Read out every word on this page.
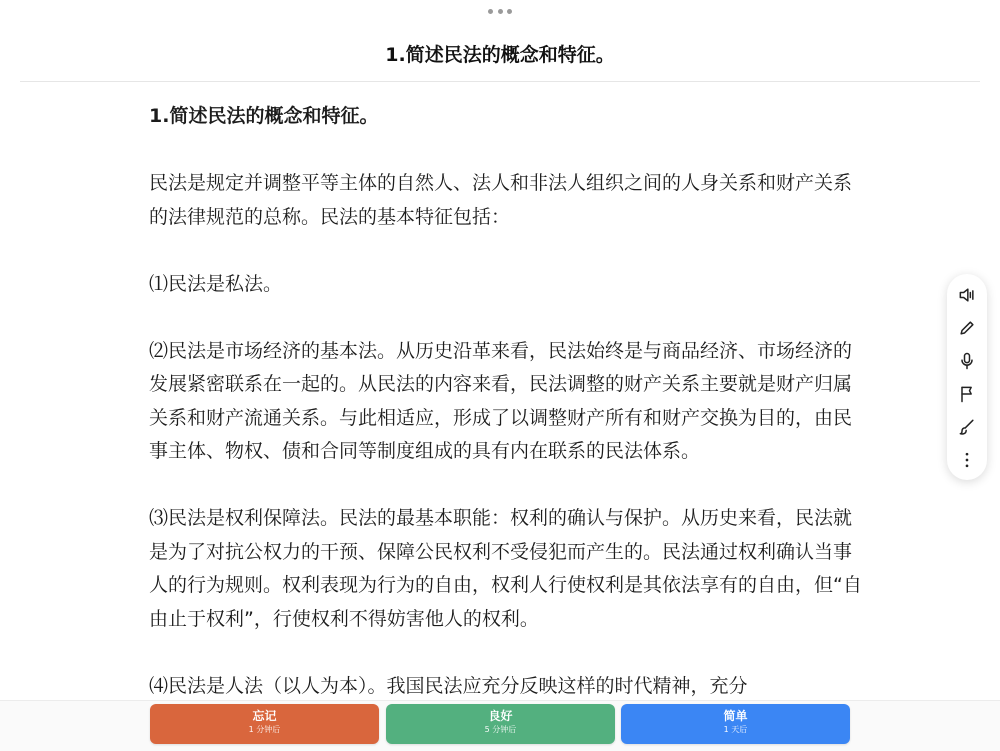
1.简述民法的概念和特征。

1.简述民法的概念和特征。

民法是规定并调整平等主体的自然人、法人和非法人组织之间的人身关系和财产关系的法律规范的总称。民法的基本特征包括：

⑴民法是私法。

⑵民法是市场经济的基本法。从历史沿革来看，民法始终是与商品经济、市场经济的发展紧密联系在一起的。从民法的内容来看，民法调整的财产关系主要就是财产归属关系和财产流通关系。与此相适应，形成了以调整财产所有和财产交换为目的，由民事主体、物权、债和合同等制度组成的具有内在联系的民法体系。

⑶民法是权利保障法。民法的最基本职能：权利的确认与保护。从历史来看，民法就是为了对抗公权力的干预、保障公民权利不受侵犯而产生的。民法通过权利确认当事人的行为规则。权利表现为行为的自由，权利人行使权利是其依法享有的自由，但“自由止于权利”，行使权利不得妨害他人的权利。

⑷民法是人法（以人为本）。我国民法应充分反映这样的时代精神，充分

忘记
1 分钟后
良好
5 分钟后
简单
1 天后
